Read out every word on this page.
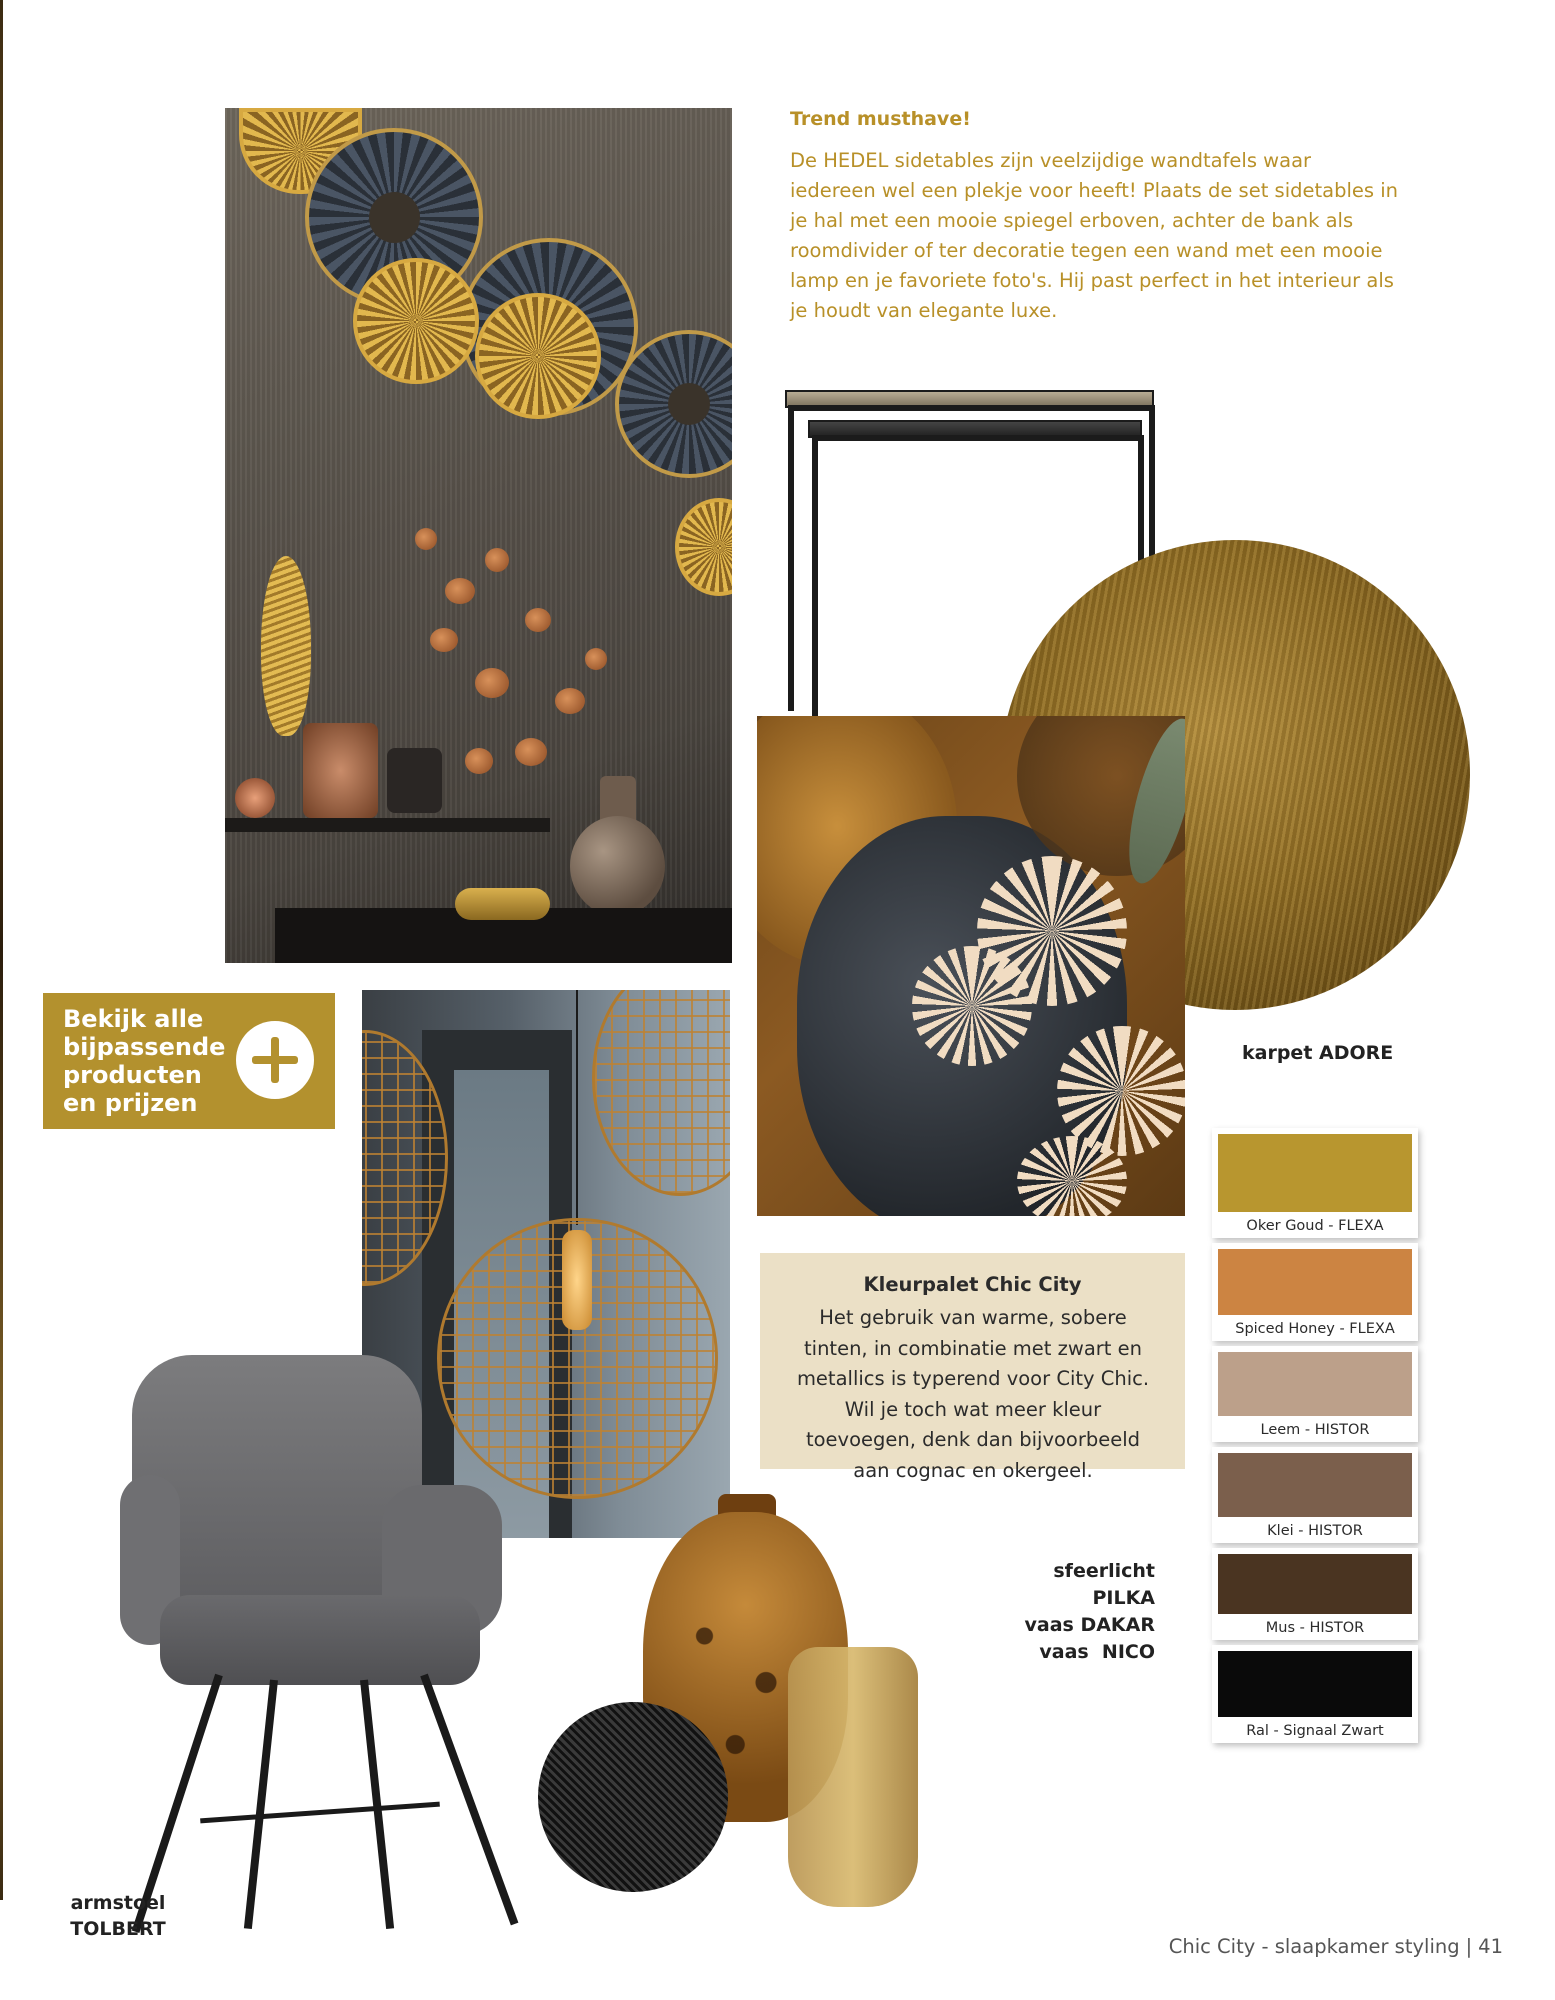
Trend musthave!

De HEDEL sidetables zijn veelzijdige wandtafels waar iedereen wel een plekje voor heeft! Plaats de set sidetables in je hal met een mooie spiegel erboven, achter de bank als roomdivider of ter decoratie tegen een wand met een mooie lamp en je favoriete foto's. Hij past perfect in het interieur als je houdt van elegante luxe.

Bekijk alle
bijpassende
producten
en prijzen

karpet ADORE

sfeerlicht PILKA
vaas DAKAR
vaas  NICO

armstoel
TOLBERT

Kleurpalet Chic City

Het gebruik van warme, sobere tinten, in combinatie met zwart en metallics is typerend voor City Chic. Wil je toch wat meer kleur toevoegen, denk dan bijvoorbeeld aan cognac en okergeel.

Oker Goud - FLEXA

Spiced Honey - FLEXA

Leem - HISTOR

Klei - HISTOR

Mus - HISTOR

Ral - Signaal Zwart

Chic City - slaapkamer styling | 41
